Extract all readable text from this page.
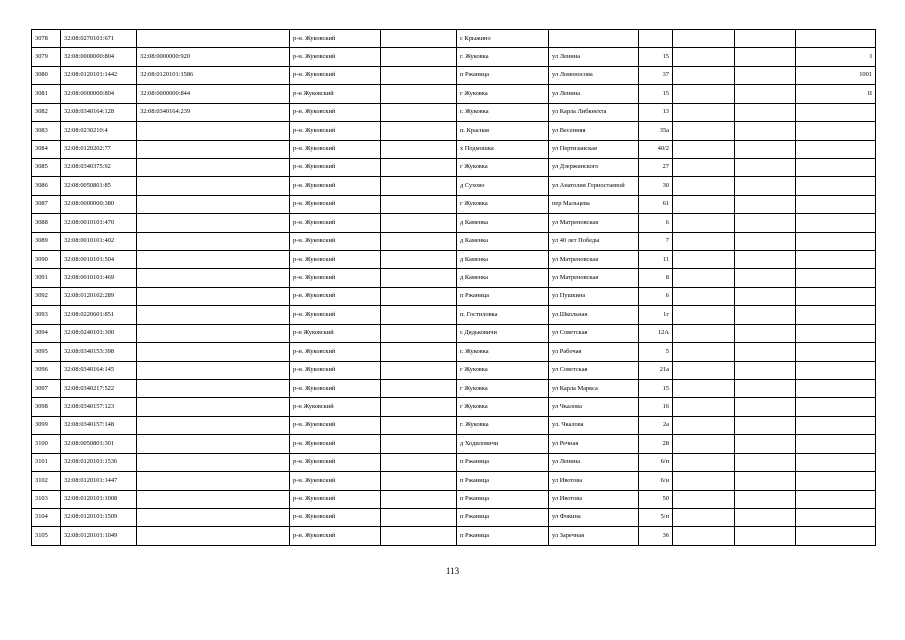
3078	32:08:0270101:671		р-н. Жуковский		с Крыжино					
3079	32:08:0000000:804	32:08:0000000:920	р-н. Жуковский		г. Жуковка	ул Ленина	15			I
3080	32:08:0120101:1442	32:08:0120101:1586	р-н. Жуковский		п Ржаница	ул Ломоносова	37			1001
3081	32:08:0000000:804	32:08:0000000:844	р-н Жуковский		г Жуковка	ул Ленина	15			II
3082	32:08:0340164:128	32:08:0340164:239	р-н. Жуковский		г. Жуковка	ул Карла Либкнехта	13			
3083	32:08:0230210:4		р-н. Жуковский		п. Красная	ул Весенняя	35а			
3084	32:08:0120202:77		р-н. Жуковский		х Подмошка	ул Пертизанская	40/2			
3085	32:08:0340375:92		р-н. Жуковский		г Жуковка	ул Дзержинского	27			
3086	32:08:0050801:85		р-н. Жуковский		д Сухово	ул Анатолия Горностаевой	30			
3087	32:08:0000000:380		р-н. Жуковский		г Жуковка	пер Мальцева	61			
3088	32:08:0010101:470		р-н. Жуковский		д Каменка	ул Матреновская	6			
3089	32:08:0010101:402		р-н. Жуковский		д Каменка	ул 40 лет Победы	7			
3090	32:08:0010101:504		р-н. Жуковский		д Каменка	ул Матреновская	11			
3091	32:08:0010101:469		р-н. Жуковский		д Каменка	ул Матреновская	8			
3092	32:08:0120102:289		р-н. Жуковский		п Ржаница	ул Пушкина	6			
3093	32:08:0220601:851		р-н. Жуковский		п. Гостиловка	ул.Школьная	1г			
3094	32:08:0240101:300		р-н Жуковский		с Дядьковичи	ул Советская	12А			
3095	32:08:0340153:398		р-н. Жуковский		г. Жуковка	ул Рабочая	5			
3096	32:08:0340164:145		р-н. Жуковский		г Жуковка	ул Советская	21а			
3097	32:08:0340217:522		р-н. Жуковский		г Жуковка	ул Карла Маркса	15			
3098	32:08:0340157:123		р-н Жуковский		г Жуковка	ул Чкалова	16			
3099	32:08:0340157:148		р-н. Жуковский		г. Жуковка	ул. Чкалова	2а			
3100	32:08:0050801:301		р-н. Жуковский		д Ходиловичи	ул Речная	28			
3101	32:08:0120101:1536		р-н. Жуковский		п Ржаница	ул Ленина	6/п			
3102	32:08:0120101:1447		р-н. Жуковский		п Ржаница	ул Ивотова	6/н			
3103	32:08:0120101:1008		р-н. Жуковский		п Ржаница	ул Ивотова	50			
3104	32:08:0120101:1509		р-н. Жуковский		п Ржаница	ул Фокина	5/п			
3105	32:08:0120101:1049		р-н. Жуковский		п Ржаница	ул Заречная	36			
113
